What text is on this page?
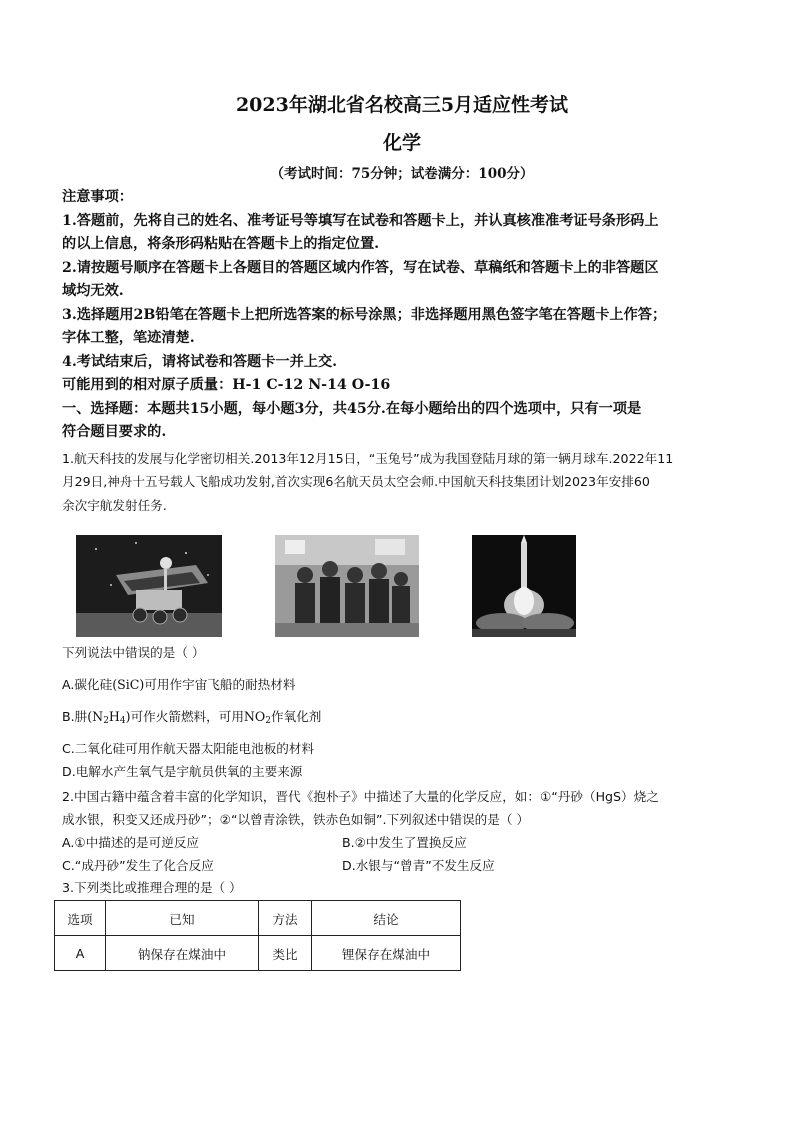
2023年湖北省名校高三5月适应性考试
化学
（考试时间：75分钟；试卷满分：100分）
注意事项：
1.答题前，先将自己的姓名、准考证号等填写在试卷和答题卡上，并认真核准准考证号条形码上
的以上信息，将条形码粘贴在答题卡上的指定位置.
2.请按题号顺序在答题卡上各题目的答题区域内作答，写在试卷、草稿纸和答题卡上的非答题区
域均无效.
3.选择题用2B铅笔在答题卡上把所选答案的标号涂黑；非选择题用黑色签字笔在答题卡上作答；
字体工整，笔迹清楚.
4.考试结束后，请将试卷和答题卡一并上交.
可能用到的相对原子质量：H-1 C-12 N-14 O-16
一、选择题：本题共15小题，每小题3分，共45分.在每小题给出的四个选项中，只有一项是
符合题目要求的.
1.航天科技的发展与化学密切相关.2013年12月15日，“玉兔号”成为我国登陆月球的第一辆月球车.2022年11
月29日,神舟十五号载人飞船成功发射,首次实现6名航天员太空会师.中国航天科技集团计划2023年安排60
余次宇航发射任务.
下列说法中错误的是（ ）
A.碳化硅(SiC)可用作宇宙飞船的耐热材料
B.肼$(N_2H_4)$可作火箭燃料，可用$NO_2$作氧化剂
C.二氧化硅可用作航天器太阳能电池板的材料
D.电解水产生氧气是宇航员供氧的主要来源
2.中国古籍中蕴含着丰富的化学知识，晋代《抱朴子》中描述了大量的化学反应，如：①“丹砂（HgS）烧之
成水银，积变又还成丹砂”；②“以曾青涂铁，铁赤色如铜”.下列叙述中错误的是（ ）
A.①中描述的是可逆反应	B.②中发生了置换反应
C.“成丹砂”发生了化合反应	D.水银与“曾青”不发生反应
3.下列类比或推理合理的是（ ）
选项	已知	方法	结论
A	钠保存在煤油中	类比	锂保存在煤油中
